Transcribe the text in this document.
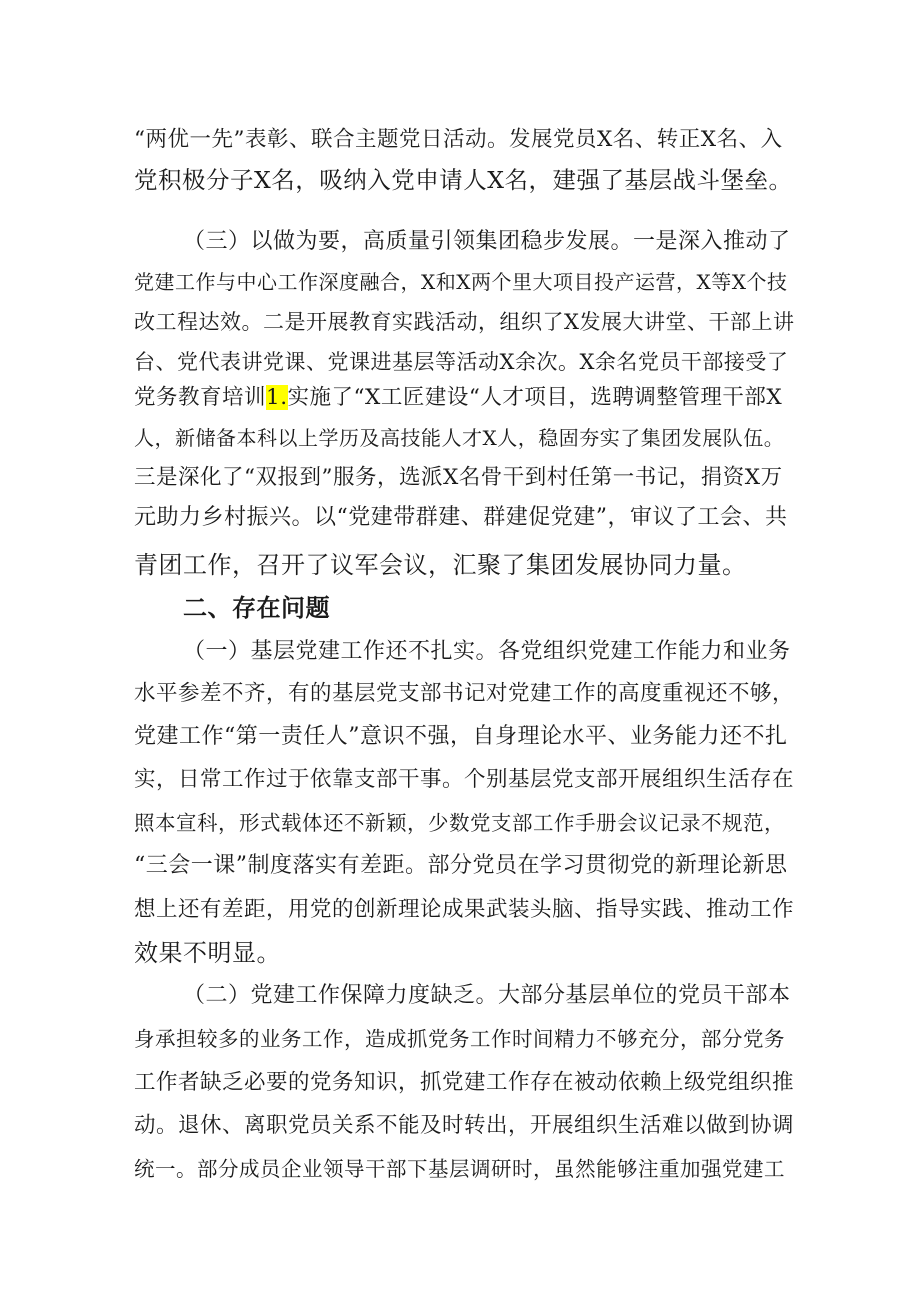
“两优一先”表彰、联合主题党日活动。发展党员X名、转正X名、入
党积极分子X名，吸纳入党申请人X名，建强了基层战斗堡垒。
（三）以做为要，高质量引领集团稳步发展。一是深入推动了
党建工作与中心工作深度融合，X和X两个里大项目投产运营，X等X个技
改工程达效。二是开展教育实践活动，组织了X发展大讲堂、干部上讲
台、党代表讲党课、党课进基层等活动X余次。X余名党员干部接受了
党务教育培训1.实施了“X工匠建设“人才项目，选聘调整管理干部X
人，新储备本科以上学历及高技能人才X人，稳固夯实了集团发展队伍。
三是深化了“双报到”服务，选派X名骨干到村任第一书记，捐资X万
元助力乡村振兴。以“党建带群建、群建促党建”，审议了工会、共
青团工作，召开了议军会议，汇聚了集团发展协同力量。
二、存在问题
（一）基层党建工作还不扎实。各党组织党建工作能力和业务
水平参差不齐，有的基层党支部书记对党建工作的高度重视还不够，
党建工作“第一责任人”意识不强，自身理论水平、业务能力还不扎
实，日常工作过于依靠支部干事。个别基层党支部开展组织生活存在
照本宣科，形式载体还不新颖，少数党支部工作手册会议记录不规范，
“三会一课”制度落实有差距。部分党员在学习贯彻党的新理论新思
想上还有差距，用党的创新理论成果武装头脑、指导实践、推动工作
效果不明显。
（二）党建工作保障力度缺乏。大部分基层单位的党员干部本
身承担较多的业务工作，造成抓党务工作时间精力不够充分，部分党务
工作者缺乏必要的党务知识，抓党建工作存在被动依赖上级党组织推
动。退休、离职党员关系不能及时转出，开展组织生活难以做到协调
统一。部分成员企业领导干部下基层调研时，虽然能够注重加强党建工
